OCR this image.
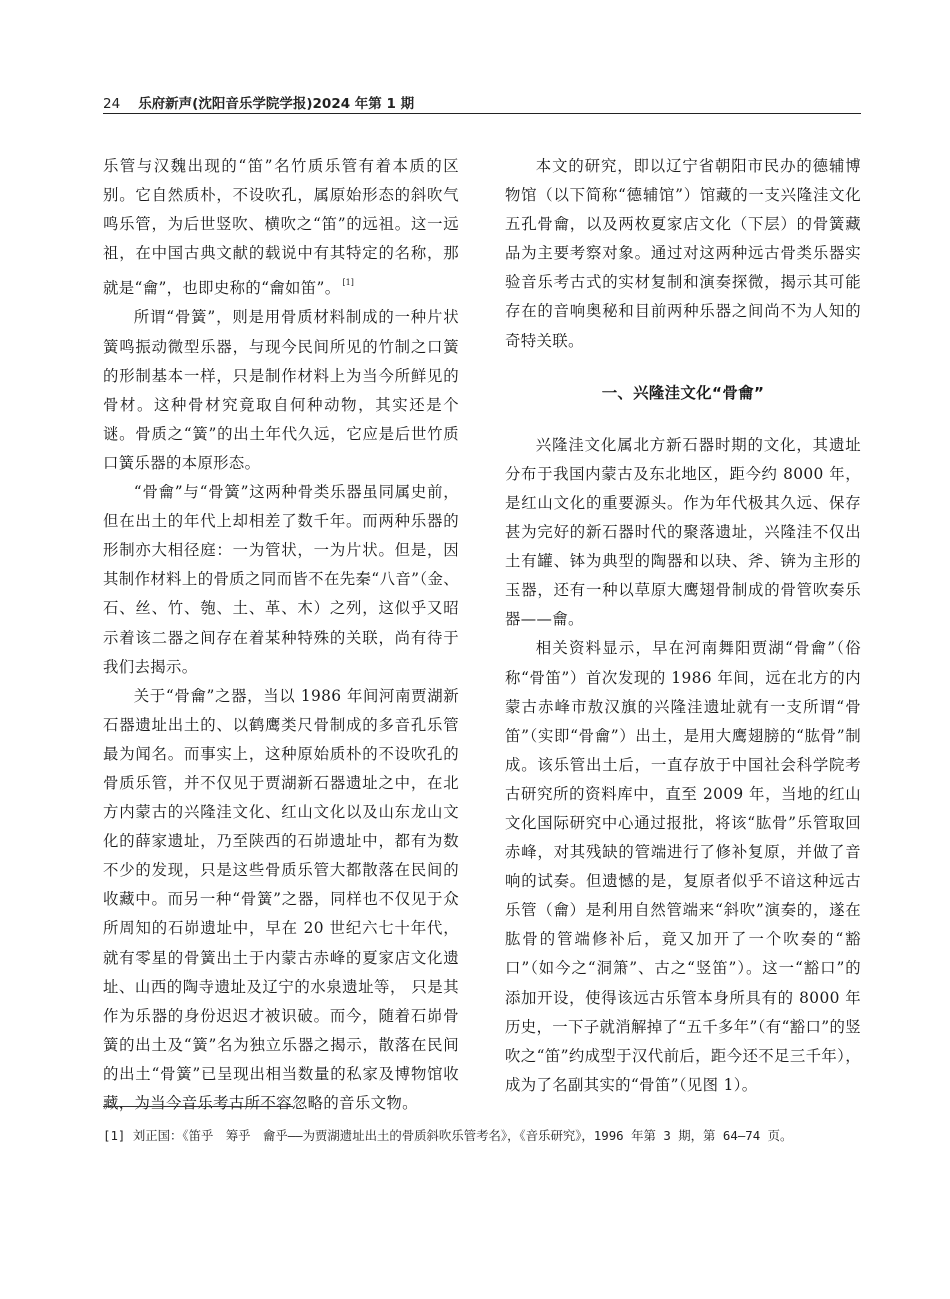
24 乐府新声(沈阳音乐学院学报)2024 年第 1 期

乐管与汉魏出现的“笛”名竹质乐管有着本质的区别。它自然质朴，不设吹孔，属原始形态的斜吹气鸣乐管，为后世竖吹、横吹之“笛”的远祖。这一远祖，在中国古典文献的载说中有其特定的名称，那就是“龠”，也即史称的“龠如笛”。 [1]

所谓“骨簧”，则是用骨质材料制成的一种片状簧鸣振动微型乐器，与现今民间所见的竹制之口簧的形制基本一样，只是制作材料上为当今所鲜见的骨材。这种骨材究竟取自何种动物，其实还是个谜。骨质之“簧”的出土年代久远，它应是后世竹质口簧乐器的本原形态。

“骨龠”与“骨簧”这两种骨类乐器虽同属史前，但在出土的年代上却相差了数千年。而两种乐器的形制亦大相径庭：一为管状，一为片状。但是，因其制作材料上的骨质之同而皆不在先秦“八音”（金、石、丝、竹、匏、土、革、木）之列，这似乎又昭示着该二器之间存在着某种特殊的关联，尚有待于我们去揭示。

关于“骨龠”之器，当以 1986 年间河南贾湖新石器遗址出土的、以鹤鹰类尺骨制成的多音孔乐管最为闻名。而事实上，这种原始质朴的不设吹孔的骨质乐管，并不仅见于贾湖新石器遗址之中，在北方内蒙古的兴隆洼文化、红山文化以及山东龙山文化的薛家遗址，乃至陕西的石峁遗址中，都有为数不少的发现，只是这些骨质乐管大都散落在民间的收藏中。而另一种“骨簧”之器，同样也不仅见于众所周知的石峁遗址中，早在 20 世纪六七十年代，就有零星的骨簧出土于内蒙古赤峰的夏家店文化遗址、山西的陶寺遗址及辽宁的水泉遗址等， 只是其作为乐器的身份迟迟才被识破。而今，随着石峁骨簧的出土及“簧”名为独立乐器之揭示，散落在民间的出土“骨簧”已呈现出相当数量的私家及博物馆收藏，为当今音乐考古所不容忽略的音乐文物。

本文的研究，即以辽宁省朝阳市民办的德辅博物馆（以下简称“德辅馆”）馆藏的一支兴隆洼文化五孔骨龠，以及两枚夏家店文化（下层）的骨簧藏品为主要考察对象。通过对这两种远古骨类乐器实验音乐考古式的实材复制和演奏探微，揭示其可能存在的音响奥秘和目前两种乐器之间尚不为人知的奇特关联。

一、兴隆洼文化“骨龠”

兴隆洼文化属北方新石器时期的文化，其遗址分布于我国内蒙古及东北地区，距今约 8000 年，是红山文化的重要源头。作为年代极其久远、保存甚为完好的新石器时代的聚落遗址，兴隆洼不仅出土有罐、钵为典型的陶器和以玦、斧、锛为主形的玉器，还有一种以草原大鹰翅骨制成的骨管吹奏乐器——龠。

相关资料显示，早在河南舞阳贾湖“骨龠”（俗称“骨笛”）首次发现的 1986 年间，远在北方的内蒙古赤峰市敖汉旗的兴隆洼遗址就有一支所谓“骨笛”（实即“骨龠”）出土，是用大鹰翅膀的“肱骨”制成。该乐管出土后，一直存放于中国社会科学院考古研究所的资料库中，直至 2009 年，当地的红山文化国际研究中心通过报批，将该“肱骨”乐管取回赤峰，对其残缺的管端进行了修补复原，并做了音响的试奏。但遗憾的是，复原者似乎不谙这种远古乐管（龠）是利用自然管端来“斜吹”演奏的，遂在肱骨的管端修补后，竟又加开了一个吹奏的“豁口”（如今之“洞箫”、古之“竖笛”）。这一“豁口”的添加开设，使得该远古乐管本身所具有的 8000 年历史，一下子就消解掉了“五千多年”（有“豁口”的竖吹之“笛”约成型于汉代前后，距今还不足三千年），成为了名副其实的“骨笛”（见图 1）。

[1] 刘正国：《笛乎　筹乎　龠乎——为贾湖遗址出土的骨质斜吹乐管考名》，《音乐研究》，1996 年第 3 期，第 64—74 页。
